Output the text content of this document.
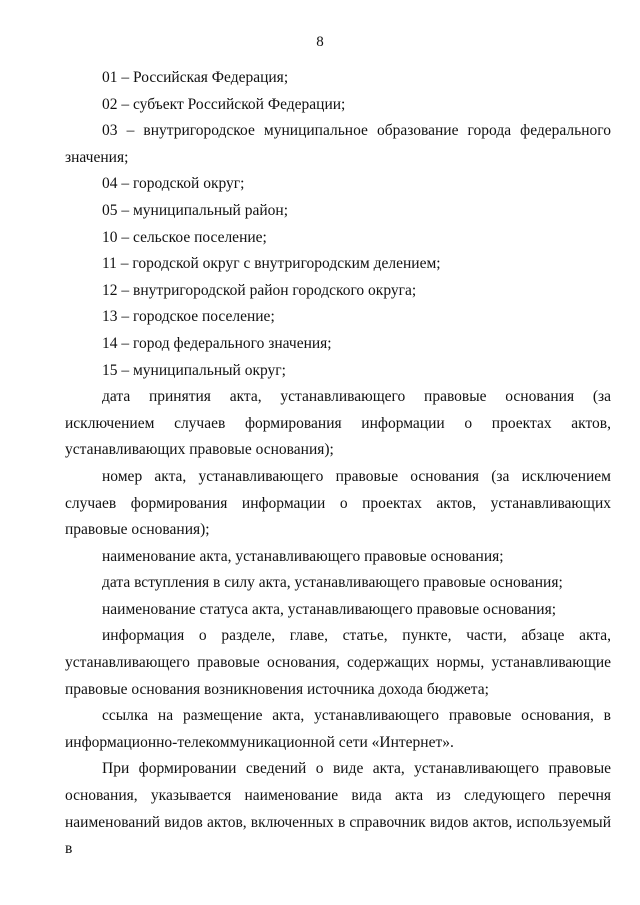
8

01 – Российская Федерация;

02 – субъект Российской Федерации;

03 – внутригородское муниципальное образование города федерального значения;

04 – городской округ;

05 – муниципальный район;

10 – сельское поселение;

11 – городской округ с внутригородским делением;

12 – внутригородской район городского округа;

13 – городское поселение;

14 – город федерального значения;

15 – муниципальный округ;

дата принятия акта, устанавливающего правовые основания (за исключением случаев формирования информации о проектах актов, устанавливающих правовые основания);

номер акта, устанавливающего правовые основания (за исключением случаев формирования информации о проектах актов, устанавливающих правовые основания);

наименование акта, устанавливающего правовые основания;

дата вступления в силу акта, устанавливающего правовые основания;

наименование статуса акта, устанавливающего правовые основания;

информация о разделе, главе, статье, пункте, части, абзаце акта, устанавливающего правовые основания, содержащих нормы, устанавливающие правовые основания возникновения источника дохода бюджета;

ссылка на размещение акта, устанавливающего правовые основания, в информационно-телекоммуникационной сети «Интернет».

При формировании сведений о виде акта, устанавливающего правовые основания, указывается наименование вида акта из следующего перечня наименований видов актов, включенных в справочник видов актов, используемый в
